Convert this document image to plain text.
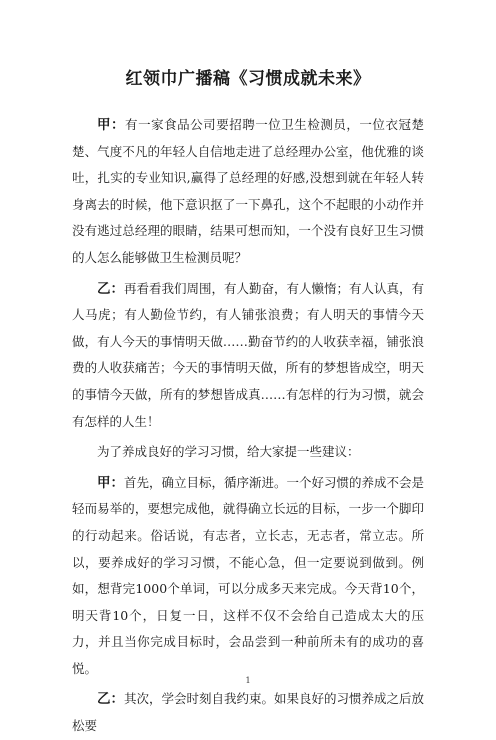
红领巾广播稿《习惯成就未来》

甲：有一家食品公司要招聘一位卫生检测员，一位衣冠楚楚、气度不凡的年轻人自信地走进了总经理办公室，他优雅的谈吐，扎实的专业知识,赢得了总经理的好感,没想到就在年轻人转身离去的时候，他下意识抠了一下鼻孔，这个不起眼的小动作并没有逃过总经理的眼睛，结果可想而知，一个没有良好卫生习惯的人怎么能够做卫生检测员呢？

乙：再看看我们周围，有人勤奋，有人懒惰；有人认真，有人马虎；有人勤俭节约，有人铺张浪费；有人明天的事情今天做，有人今天的事情明天做……勤奋节约的人收获幸福，铺张浪费的人收获痛苦；今天的事情明天做，所有的梦想皆成空，明天的事情今天做，所有的梦想皆成真……有怎样的行为习惯，就会有怎样的人生！

为了养成良好的学习习惯，给大家提一些建议：

甲：首先，确立目标，循序渐进。一个好习惯的养成不会是轻而易举的，要想完成他，就得确立长远的目标，一步一个脚印的行动起来。俗话说，有志者，立长志，无志者，常立志。所以，要养成好的学习习惯，不能心急，但一定要说到做到。例如，想背完1000个单词，可以分成多天来完成。今天背10个，明天背10个，日复一日，这样不仅不会给自己造成太大的压力，并且当你完成目标时，会品尝到一种前所未有的成功的喜悦。

乙：其次，学会时刻自我约束。如果良好的习惯养成之后放松要

1
